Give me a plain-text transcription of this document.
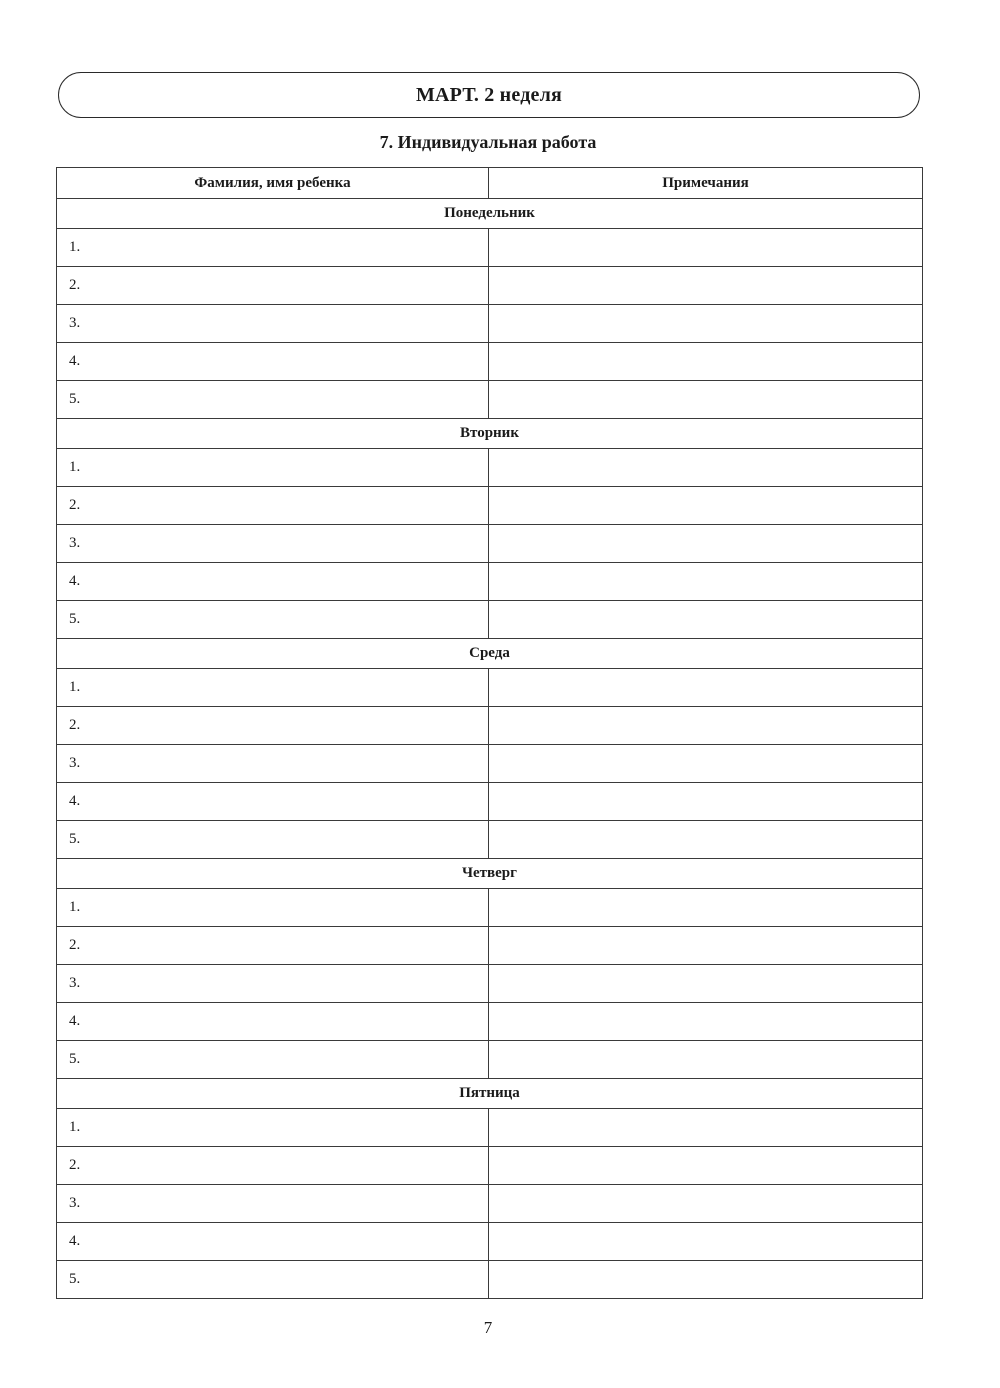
МАРТ. 2 неделя
7. Индивидуальная работа
Фамилия, имя ребенка	Примечания
Понедельник	
1.	
2.	
3.	
4.	
5.	
Вторник	
1.	
2.	
3.	
4.	
5.	
Среда	
1.	
2.	
3.	
4.	
5.	
Четверг	
1.	
2.	
3.	
4.	
5.	
Пятница	
1.	
2.	
3.	
4.	
5.	
7
